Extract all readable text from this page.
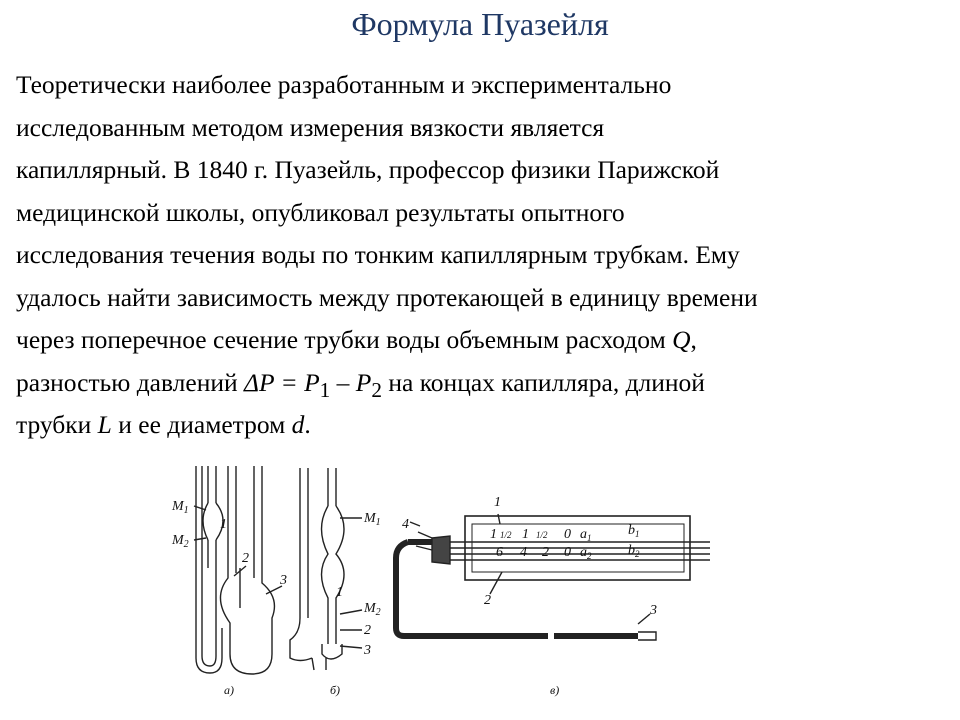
Формула Пуазейля
Теоретически наиболее разработанным и экспериментально
исследованным методом измерения вязкости является
капиллярный. В 1840 г. Пуазейль, профессор физики Парижской
медицинской школы, опубликовал результаты опытного
исследования течения воды по тонким капиллярным трубкам. Ему
удалось найти зависимость между протекающей в единицу времени
через поперечное сечение трубки воды объемным расходом Q,
разностью давлений $\Delta P = P_1 - P_2$ на концах капилляра, длиной
трубки L и ее диаметром d.
$M_1$
$M_2$
1
2
3
a)
$M_1$
1
$M_2$
2
3
б)
1
4
2
3
в)
1 1/2 1 1/2 0 $a_1$	$b_1$
6 4 2 0 $a_2$	$b_2$
